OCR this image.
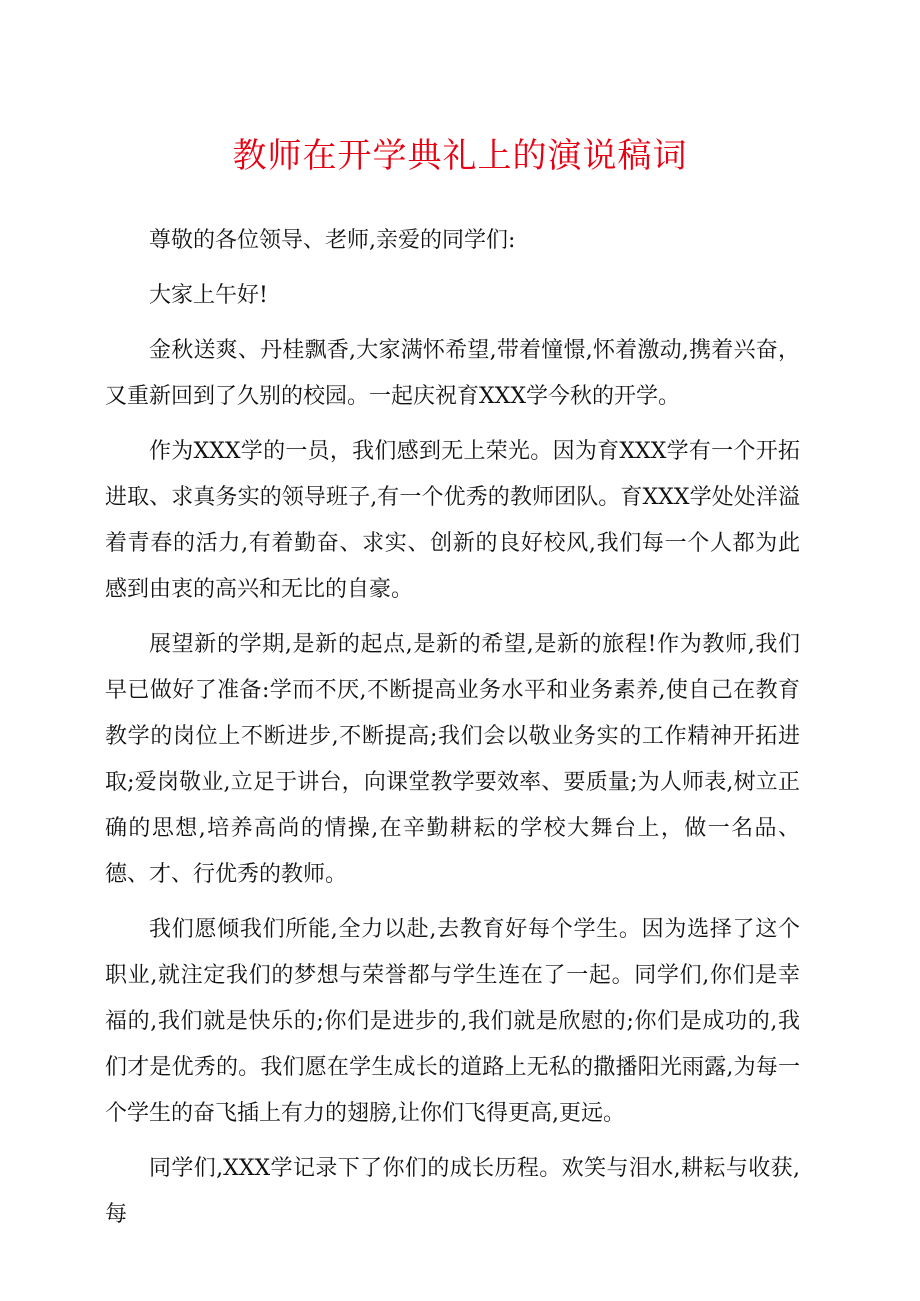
教师在开学典礼上的演说稿词

尊敬的各位领导、老师,亲爱的同学们:

大家上午好!

金秋送爽、丹桂飘香,大家满怀希望,带着憧憬,怀着激动,携着兴奋，又重新回到了久别的校园。一起庆祝育XXX学今秋的开学。

作为XXX学的一员，我们感到无上荣光。因为育XXX学有一个开拓进取、求真务实的领导班子,有一个优秀的教师团队。育XXX学处处洋溢着青春的活力,有着勤奋、求实、创新的良好校风,我们每一个人都为此感到由衷的高兴和无比的自豪。

展望新的学期,是新的起点,是新的希望,是新的旅程!作为教师,我们早已做好了准备:学而不厌,不断提高业务水平和业务素养,使自己在教育教学的岗位上不断进步,不断提高;我们会以敬业务实的工作精神开拓进取;爱岗敬业,立足于讲台，向课堂教学要效率、要质量;为人师表,树立正确的思想,培养高尚的情操,在辛勤耕耘的学校大舞台上，做一名品、德、才、行优秀的教师。

我们愿倾我们所能,全力以赴,去教育好每个学生。因为选择了这个职业,就注定我们的梦想与荣誉都与学生连在了一起。同学们,你们是幸福的,我们就是快乐的;你们是进步的,我们就是欣慰的;你们是成功的,我们才是优秀的。我们愿在学生成长的道路上无私的撒播阳光雨露,为每一个学生的奋飞插上有力的翅膀,让你们飞得更高,更远。

同学们,XXX学记录下了你们的成长历程。欢笑与泪水,耕耘与收获,每
